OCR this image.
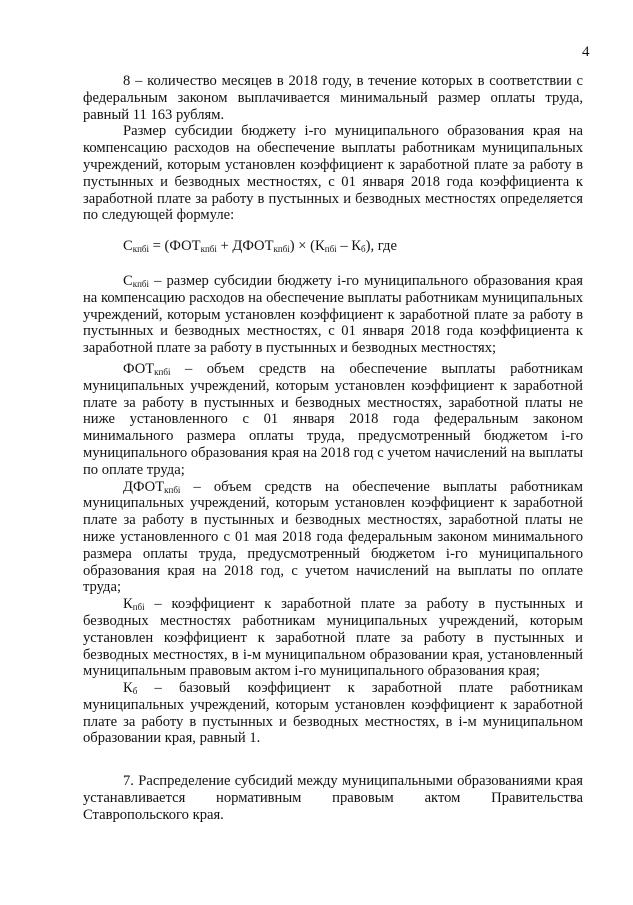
4

8 – количество месяцев в 2018 году, в течение которых в соответствии с федеральным законом выплачивается минимальный размер оплаты труда, равный 11 163 рублям.

Размер субсидии бюджету i-го муниципального образования края на компенсацию расходов на обеспечение выплаты работникам муниципальных учреждений, которым установлен коэффициент к заработной плате за работу в пустынных и безводных местностях, с 01 января 2018 года коэффициента к заработной плате за работу в пустынных и безводных местностях определяется по следующей формуле:

$С_{кпбi} = (ФОТ_{кпбi}$ + $ДФОТ_{кпбi}) \times (К_{пбi} - К_б)$, где

$С_{кпбi}$ – размер субсидии бюджету i-го муниципального образования края на компенсацию расходов на обеспечение выплаты работникам муниципальных учреждений, которым установлен коэффициент к заработной плате за работу в пустынных и безводных местностях, с 01 января 2018 года коэффициента к заработной плате за работу в пустынных и безводных местностях;

$ФОТ_{кпбi}$ – объем средств на обеспечение выплаты работникам муниципальных учреждений, которым установлен коэффициент к заработной плате за работу в пустынных и безводных местностях, заработной платы не ниже установленного с 01 января 2018 года федеральным законом минимального размера оплаты труда, предусмотренный бюджетом i-го муниципального образования края на 2018 год с учетом начислений на выплаты по оплате труда;

$ДФОТ_{кпбi}$ – объем средств на обеспечение выплаты работникам муниципальных учреждений, которым установлен коэффициент к заработной плате за работу в пустынных и безводных местностях, заработной платы не ниже установленного с 01 мая 2018 года федеральным законом минимального размера оплаты труда, предусмотренный бюджетом i-го муниципального образования края на 2018 год, с учетом начислений на выплаты по оплате труда;

$К_{пбi}$ – коэффициент к заработной плате за работу в пустынных и безводных местностях работникам муниципальных учреждений, которым установлен коэффициент к заработной плате за работу в пустынных и безводных местностях, в i-м муниципальном образовании края, установленный муниципальным правовым актом i-го муниципального образования края;

$К_б$ – базовый коэффициент к заработной плате работникам муниципальных учреждений, которым установлен коэффициент к заработной плате за работу в пустынных и безводных местностях, в i-м муниципальном образовании края, равный 1.

7. Распределение субсидий между муниципальными образованиями края устанавливается нормативным правовым актом Правительства Ставропольского края.
